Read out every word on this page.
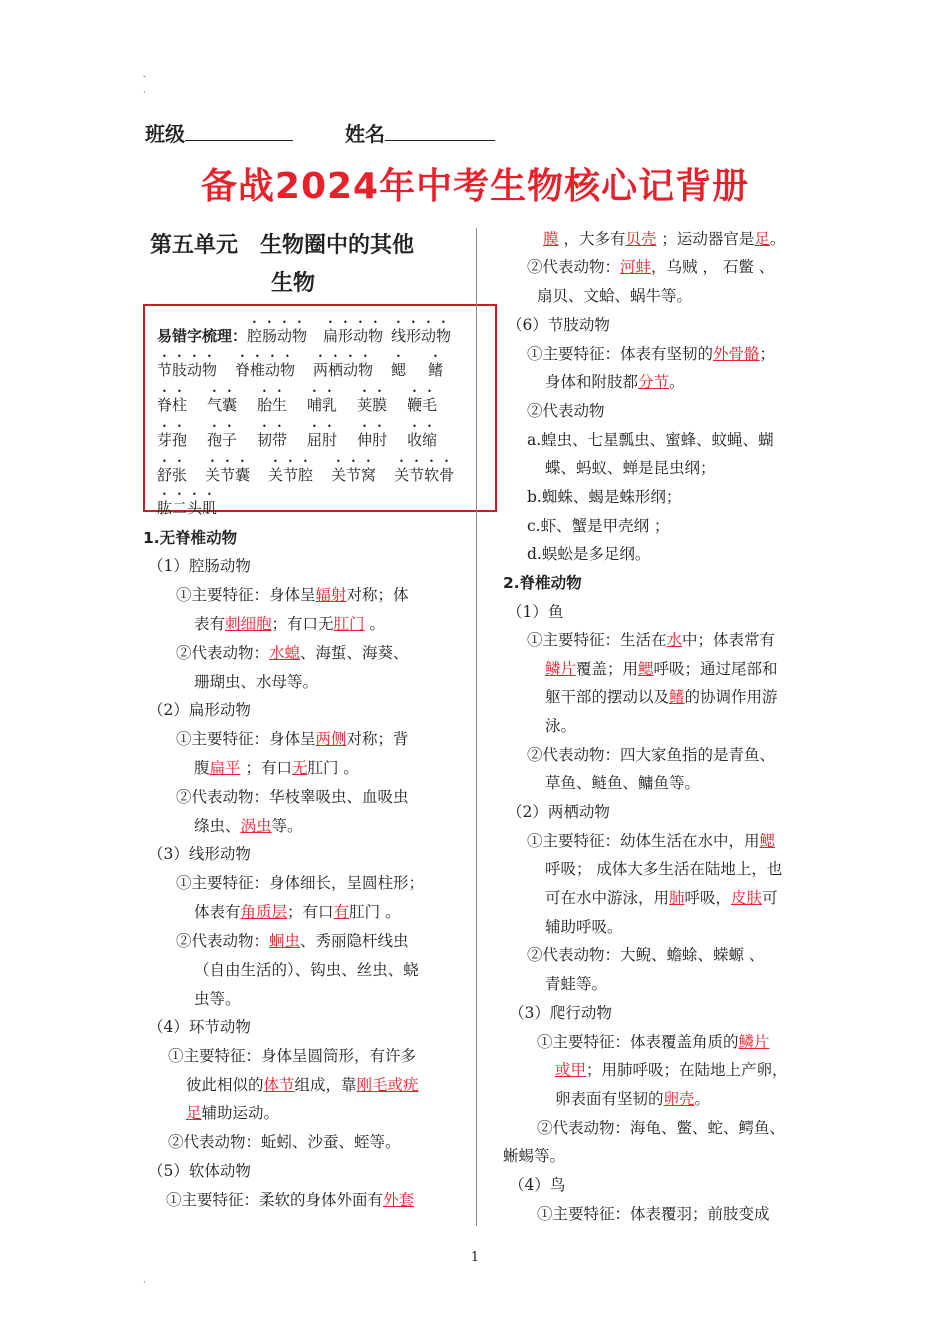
-
·
·
班级	姓名
备战2024年中考生物核心记背册
第五单元　生物圈中的其他
生物
易错字梳理：腔肠动物 扁形动物 线形动物
节肢动物 脊椎动物 两栖动物 鳃 鳍
脊柱 气囊 胎生 哺乳 荚膜 鞭毛
芽孢 孢子 韧带 屈肘 伸肘 收缩
舒张 关节囊 关节腔 关节窝 关节软骨
肱二头肌
1.无脊椎动物
（1）腔肠动物
①主要特征：身体呈辐射对称；体
表有刺细胞；有口无肛门 。
②代表动物：水螅、海蜇、海葵、
珊瑚虫、水母等。
（2）扁形动物
①主要特征：身体呈两侧对称；背
腹扁平 ；有口无肛门 。
②代表动物：华枝睾吸虫、血吸虫
绦虫、涡虫等。
（3）线形动物
①主要特征：身体细长，呈圆柱形；
体表有角质层；有口有肛门 。
②代表动物：蛔虫、秀丽隐杆线虫
（自由生活的）、钩虫、丝虫、蛲
虫等。
（4）环节动物
①主要特征：身体呈圆筒形，有许多
彼此相似的体节组成，靠刚毛或疣
足辅助运动。
②代表动物：蚯蚓、沙蚕、蛭等。
（5）软体动物
①主要特征：柔软的身体外面有外套
膜 ，大多有贝壳 ；运动器官是足。
②代表动物：河蚌，乌贼 ， 石鳖 、
扇贝、文蛤、蜗牛等。
（6）节肢动物
①主要特征：体表有坚韧的外骨骼；
身体和附肢都分节。
②代表动物
a.蝗虫、七星瓢虫、蜜蜂、蚊蝇、蝴
蝶、蚂蚁、蝉是昆虫纲；
b.蜘蛛、蝎是蛛形纲；
c.虾、蟹是甲壳纲 ；
d.蜈蚣是多足纲。
2.脊椎动物
（1）鱼
①主要特征：生活在水中；体表常有
鳞片覆盖；用鳃呼吸；通过尾部和
躯干部的摆动以及鳍的协调作用游
泳。
②代表动物：四大家鱼指的是青鱼、
草鱼、鲢鱼、鳙鱼等。
（2）两栖动物
①主要特征：幼体生活在水中，用鳃
呼吸； 成体大多生活在陆地上，也
可在水中游泳，用肺呼吸，皮肤可
辅助呼吸。
②代表动物：大鲵、蟾蜍、蝾螈 、
青蛙等。
（3）爬行动物
①主要特征：体表覆盖角质的鳞片
或甲；用肺呼吸；在陆地上产卵，
卵表面有坚韧的卵壳。
②代表动物：海龟、鳖、蛇、鳄鱼、
蜥蜴等。
（4）鸟
①主要特征：体表覆羽；前肢变成
1
